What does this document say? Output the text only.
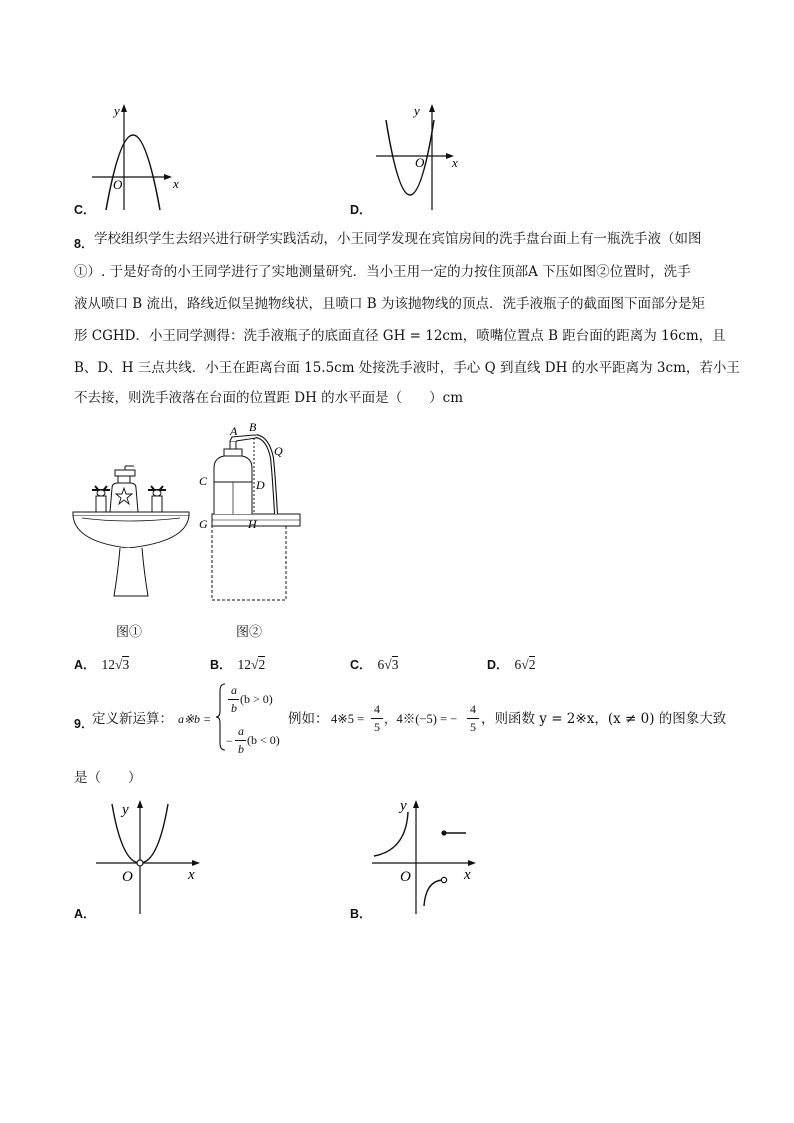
y
x
O
C．
y
x
O
D．
8． 学校组织学生去绍兴进行研学实践活动，小王同学发现在宾馆房间的洗手盘台面上有一瓶洗手液（如图
①）. 于是好奇的小王同学进行了实地测量研究．当小王用一定的力按住顶部A 下压如图②位置时，洗手
液从喷口 B 流出，路线近似呈抛物线状，且喷口 B 为该抛物线的顶点．洗手液瓶子的截面图下面部分是矩
形 CGHD．小王同学测得：洗手液瓶子的底面直径 GH = 12cm，喷嘴位置点 B 距台面的距离为 16cm，且
B、D、H 三点共线．小王在距离台面 15.5cm 处接洗手液时，手心 Q 到直线 DH 的水平距离为 3cm，若小王
不去接，则洗手液落在台面的位置距 DH 的水平面是（　　）cm
图①
A B
Q
C	D
G	H
图②
A． 12√3	B． 12√2	C． 6√3	D． 6√2
9．
定义新运算： a※b =
a
b
(b > 0)
−
a
b
(b < 0)
例如： 4※5 =
4
5
，4※(−5) = −
4
5 ，则函数 y = 2※x，(x ≠ 0) 的图象大致
是（　　）
y
x
O
A．
y
x
O
B．
